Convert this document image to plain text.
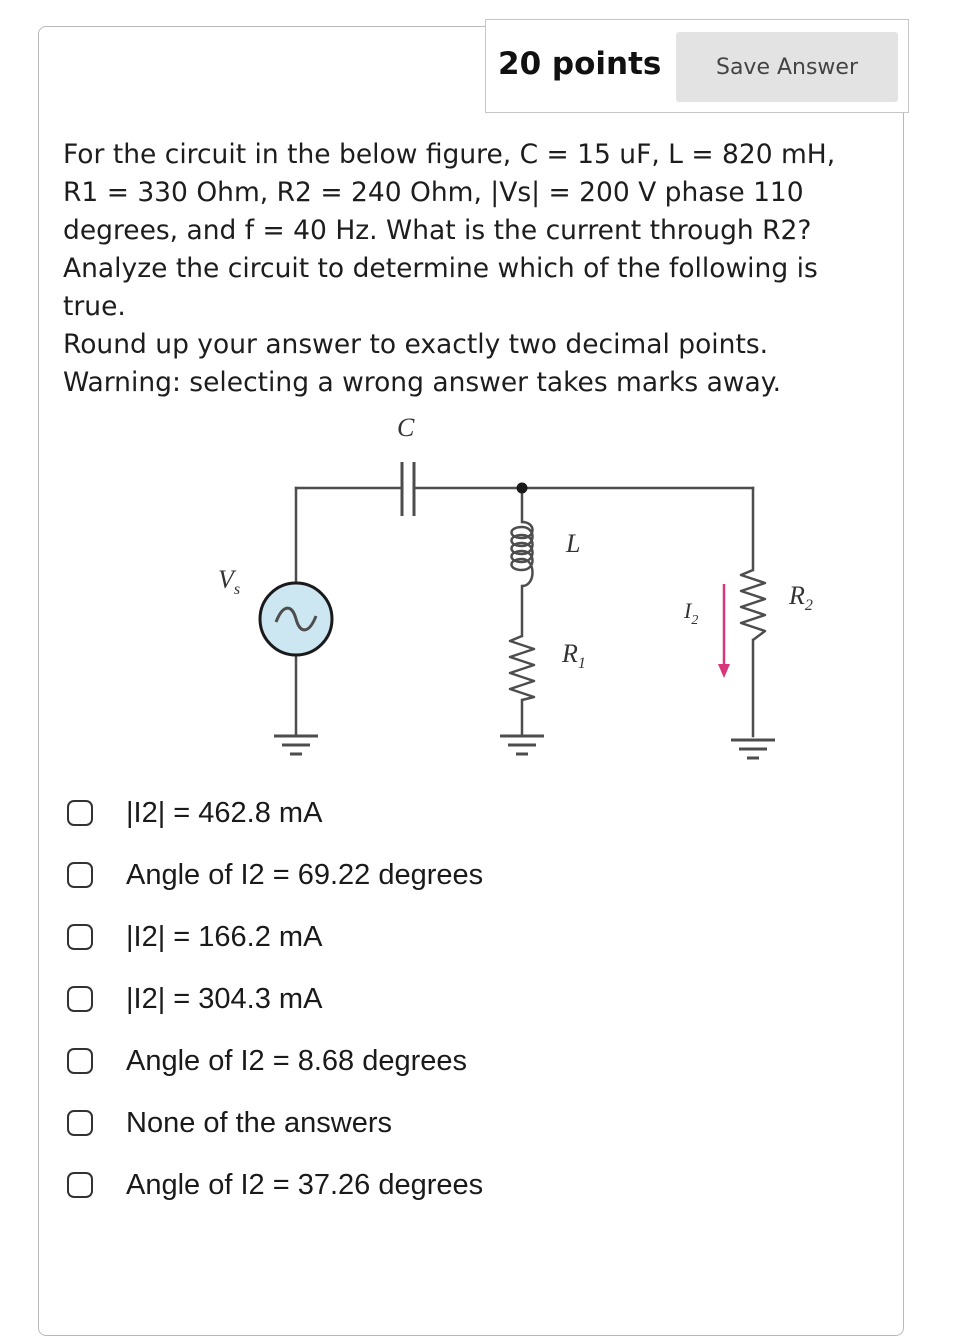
20 points	Save Answer

For the circuit in the below figure, C = 15 uF, L = 820 mH,

R1 = 330 Ohm, R2 = 240 Ohm, |Vs| = 200 V phase 110

degrees, and f = 40 Hz. What is the current through R2?

Analyze the circuit to determine which of the following is

true.

Round up your answer to exactly two decimal points.

Warning: selecting a wrong answer takes marks away.

C
$V_s$
L
$R_1$
$I_2$
$R_2$
|I2| = 462.8 mA
Angle of I2 = 69.22 degrees
|I2| = 166.2 mA
|I2| = 304.3 mA
Angle of I2 = 8.68 degrees
None of the answers
Angle of I2 = 37.26 degrees
